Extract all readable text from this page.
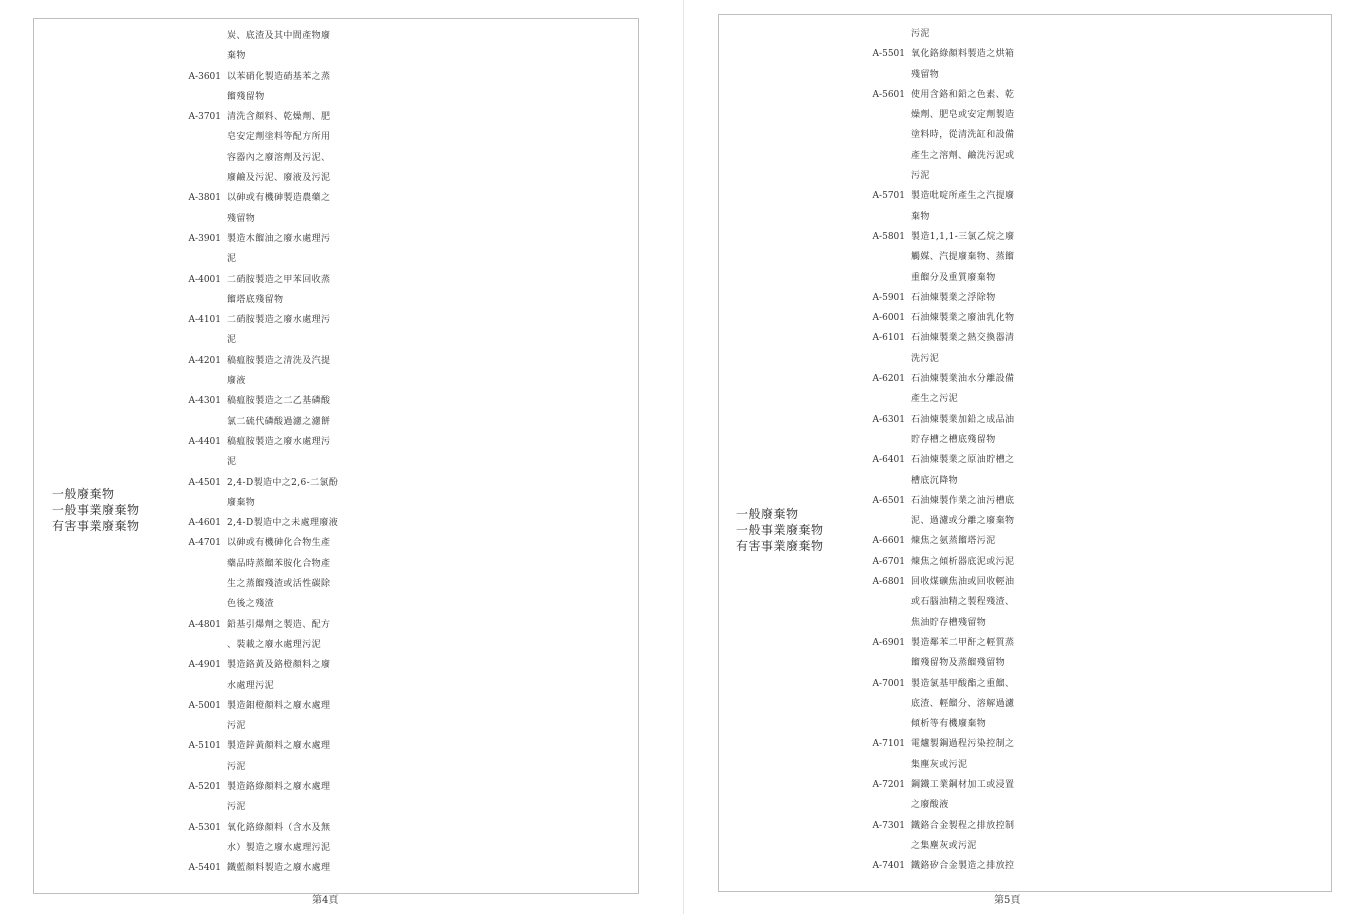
一般廢棄物
一般事業廢棄物
有害事業廢棄物
炭、底渣及其中間產物廢
棄物
A-3601 以苯硝化製造硝基苯之蒸
餾殘留物
A-3701 清洗含顏料、乾燥劑、肥
皂安定劑塗料等配方所用
容器內之廢溶劑及污泥、
廢鹼及污泥、廢液及污泥
A-3801 以砷或有機砷製造農藥之
殘留物
A-3901 製造木餾油之廢水處理污
泥
A-4001 二硝胺製造之甲苯回收蒸
餾塔底殘留物
A-4101 二硝胺製造之廢水處理污
泥
A-4201 稿瘟胺製造之清洗及汽提
廢液
A-4301 稿瘟胺製造之二乙基磷酸
氯二硫代磷酸過濾之濾餅
A-4401 稿瘟胺製造之廢水處理污
泥
A-4501 2,4-D製造中之2,6-二氯酚
廢棄物
A-4601 2,4-D製造中之未處理廢液
A-4701 以砷或有機砷化合物生產
藥品時蒸餾苯胺化合物產
生之蒸餾殘渣或活性碳除
色後之殘渣
A-4801 鉛基引爆劑之製造、配方
、裝載之廢水處理污泥
A-4901 製造鉻黃及鉻橙顏料之廢
水處理污泥
A-5001 製造鉬橙顏料之廢水處理
污泥
A-5101 製造鋅黃顏料之廢水處理
污泥
A-5201 製造鉻綠顏料之廢水處理
污泥
A-5301 氧化鉻綠顏料（含水及無
水）製造之廢水處理污泥
A-5401 鐵藍顏料製造之廢水處理
第4頁
一般廢棄物
一般事業廢棄物
有害事業廢棄物
污泥
A-5501 氧化鉻綠顏料製造之烘箱
殘留物
A-5601 使用含鉻和鉛之色素、乾
燥劑、肥皂或安定劑製造
塗料時，從清洗缸和設備
產生之溶劑、鹼洗污泥或
污泥
A-5701 製造吡啶所產生之汽提廢
棄物
A-5801 製造1,1,1-三氯乙烷之廢
觸媒、汽提廢棄物、蒸餾
重餾分及重質廢棄物
A-5901 石油煉製業之浮除物
A-6001 石油煉製業之廢油乳化物
A-6101 石油煉製業之熱交換器清
洗污泥
A-6201 石油煉製業油水分離設備
產生之污泥
A-6301 石油煉製業加鉛之成品油
貯存槽之槽底殘留物
A-6401 石油煉製業之原油貯槽之
槽底沉降物
A-6501 石油煉製作業之油污槽底
泥、過濾或分離之廢棄物
A-6601 煉焦之氨蒸餾塔污泥
A-6701 煉焦之傾析器底泥或污泥
A-6801 回收煤礦焦油或回收輕油
或石腦油精之製程殘渣、
焦油貯存槽殘留物
A-6901 製造鄰苯二甲酐之輕質蒸
餾殘留物及蒸餾殘留物
A-7001 製造氯基甲酸酯之重餾、
底渣、輕餾分、溶解過濾
傾析等有機廢棄物
A-7101 電爐製鋼過程污染控制之
集塵灰或污泥
A-7201 鋼鐵工業鋼材加工或浸置
之廢酸液
A-7301 鐵鉻合金製程之排放控制
之集塵灰或污泥
A-7401 鐵鉻矽合金製造之排放控
第5頁
